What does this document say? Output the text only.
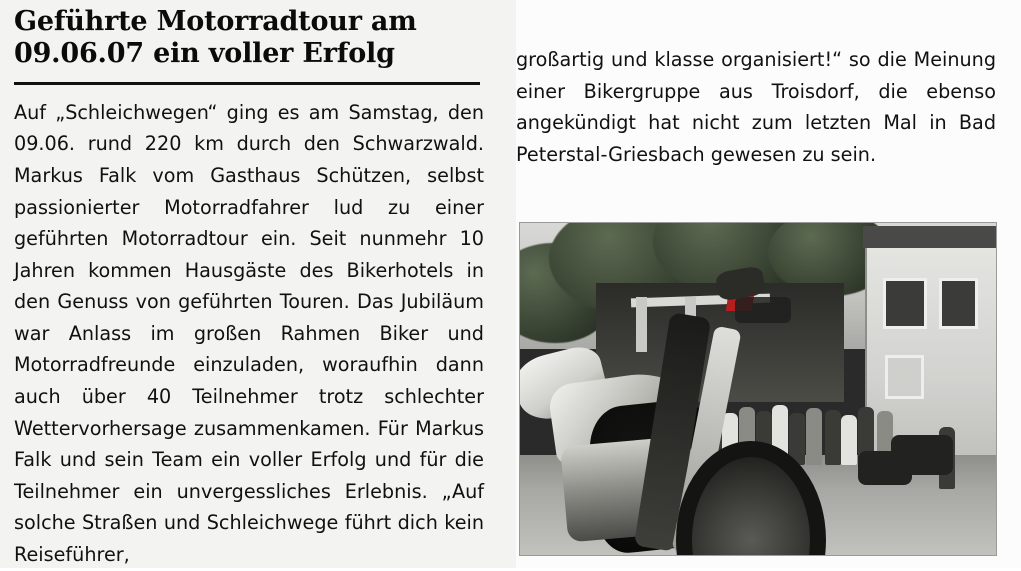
Geführte Motorradtour am
09.06.07 ein voller Erfolg

Auf „Schleichwegen“ ging es am Samstag, den 09.06. rund 220 km durch den Schwarzwald. Markus Falk vom Gasthaus Schützen, selbst passionierter Motorradfahrer lud zu einer geführten Motorradtour ein. Seit nunmehr 10 Jahren kommen Hausgäste des Bikerhotels in den Genuss von geführten Touren. Das Jubiläum war Anlass im großen Rahmen Biker und Motorradfreunde einzuladen, woraufhin dann auch über 40 Teilnehmer trotz schlechter Wettervorhersage zusammenkamen. Für Markus Falk und sein Team ein voller Erfolg und für die Teilnehmer ein unvergessliches Erlebnis. „Auf solche Straßen und Schleichwege führt dich kein Reiseführer,

großartig und klasse organisiert!“ so die Meinung einer Bikergruppe aus Troisdorf, die ebenso angekündigt hat nicht zum letzten Mal in Bad Peterstal-Griesbach gewesen zu sein.
